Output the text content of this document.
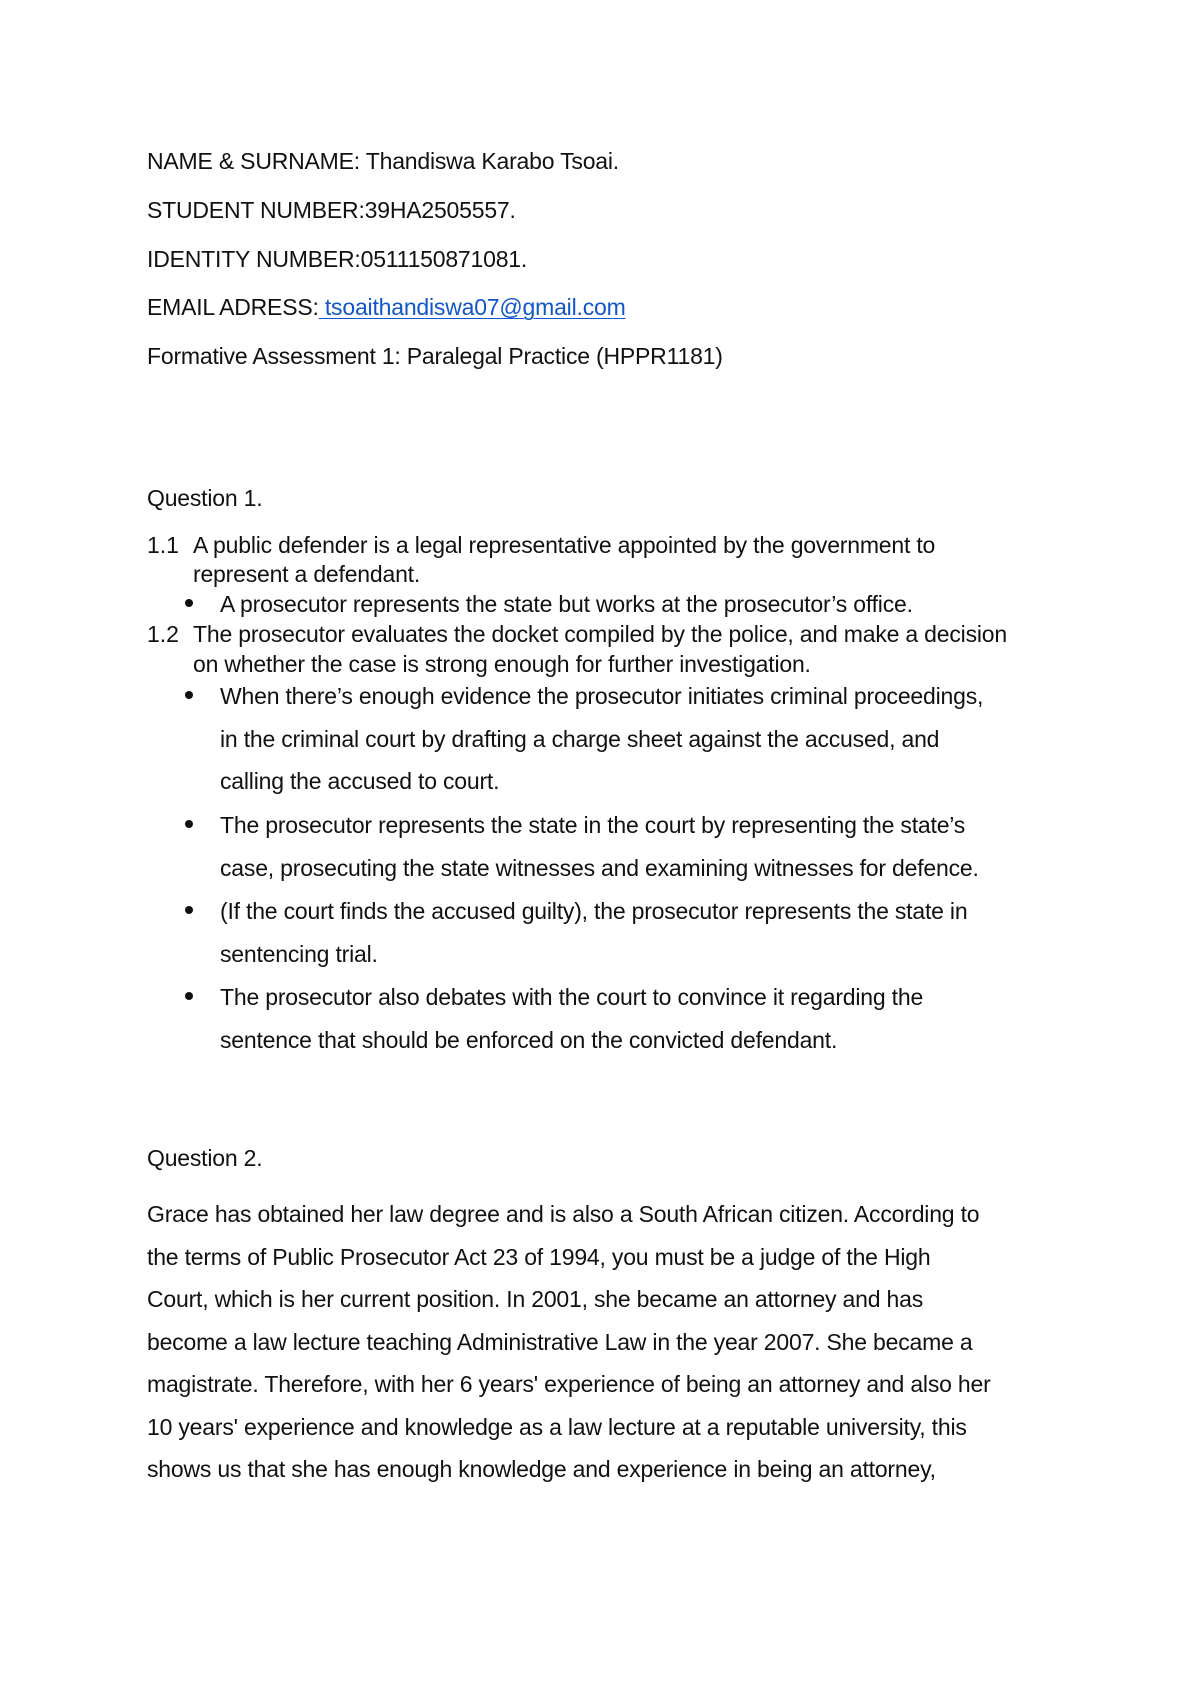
NAME & SURNAME: Thandiswa Karabo Tsoai.
STUDENT NUMBER:39HA2505557.
IDENTITY NUMBER:0511150871081.
EMAIL ADRESS: tsoaithandiswa07@gmail.com
Formative Assessment 1: Paralegal Practice (HPPR1181)
Question 1.
1.1 A public defender is a legal representative appointed by the government to
represent a defendant.
A prosecutor represents the state but works at the prosecutor’s office.
1.2 The prosecutor evaluates the docket compiled by the police, and make a decision
on whether the case is strong enough for further investigation.
When there’s enough evidence the prosecutor initiates criminal proceedings,
in the criminal court by drafting a charge sheet against the accused, and
calling the accused to court.
The prosecutor represents the state in the court by representing the state’s
case, prosecuting the state witnesses and examining witnesses for defence.
(If the court finds the accused guilty), the prosecutor represents the state in
sentencing trial.
The prosecutor also debates with the court to convince it regarding the
sentence that should be enforced on the convicted defendant.
Question 2.
Grace has obtained her law degree and is also a South African citizen. According to
the terms of Public Prosecutor Act 23 of 1994, you must be a judge of the High
Court, which is her current position. In 2001, she became an attorney and has
become a law lecture teaching Administrative Law in the year 2007. She became a
magistrate. Therefore, with her 6 years' experience of being an attorney and also her
10 years' experience and knowledge as a law lecture at a reputable university, this
shows us that she has enough knowledge and experience in being an attorney,
